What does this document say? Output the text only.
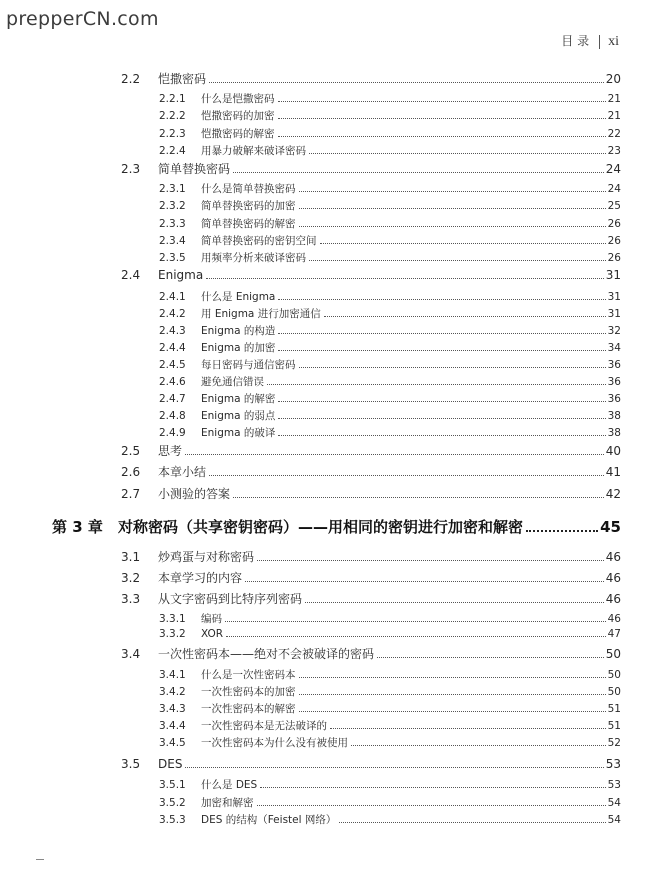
prepperCN.com
目 录 xi
2.2	恺撒密码	20
2.2.1	什么是恺撒密码	21
2.2.2	恺撒密码的加密	21
2.2.3	恺撒密码的解密	22
2.2.4	用暴力破解来破译密码	23
2.3	简单替换密码	24
2.3.1	什么是简单替换密码	24
2.3.2	简单替换密码的加密	25
2.3.3	简单替换密码的解密	26
2.3.4	简单替换密码的密钥空间	26
2.3.5	用频率分析来破译密码	26
2.4	Enigma	31
2.4.1	什么是 Enigma	31
2.4.2	用 Enigma 进行加密通信	31
2.4.3	Enigma 的构造	32
2.4.4	Enigma 的加密	34
2.4.5	每日密码与通信密码	36
2.4.6	避免通信错误	36
2.4.7	Enigma 的解密	36
2.4.8	Enigma 的弱点	38
2.4.9	Enigma 的破译	38
2.5	思考	40
2.6	本章小结	41
2.7	小测验的答案	42
第 3 章	对称密码（共享密钥密码）——用相同的密钥进行加密和解密	45
3.1	炒鸡蛋与对称密码	46
3.2	本章学习的内容	46
3.3	从文字密码到比特序列密码	46
3.3.1	编码	46
3.3.2	XOR	47
3.4	一次性密码本——绝对不会被破译的密码	50
3.4.1	什么是一次性密码本	50
3.4.2	一次性密码本的加密	50
3.4.3	一次性密码本的解密	51
3.4.4	一次性密码本是无法破译的	51
3.4.5	一次性密码本为什么没有被使用	52
3.5	DES	53
3.5.1	什么是 DES	53
3.5.2	加密和解密	54
3.5.3	DES 的结构（Feistel 网络）	54
